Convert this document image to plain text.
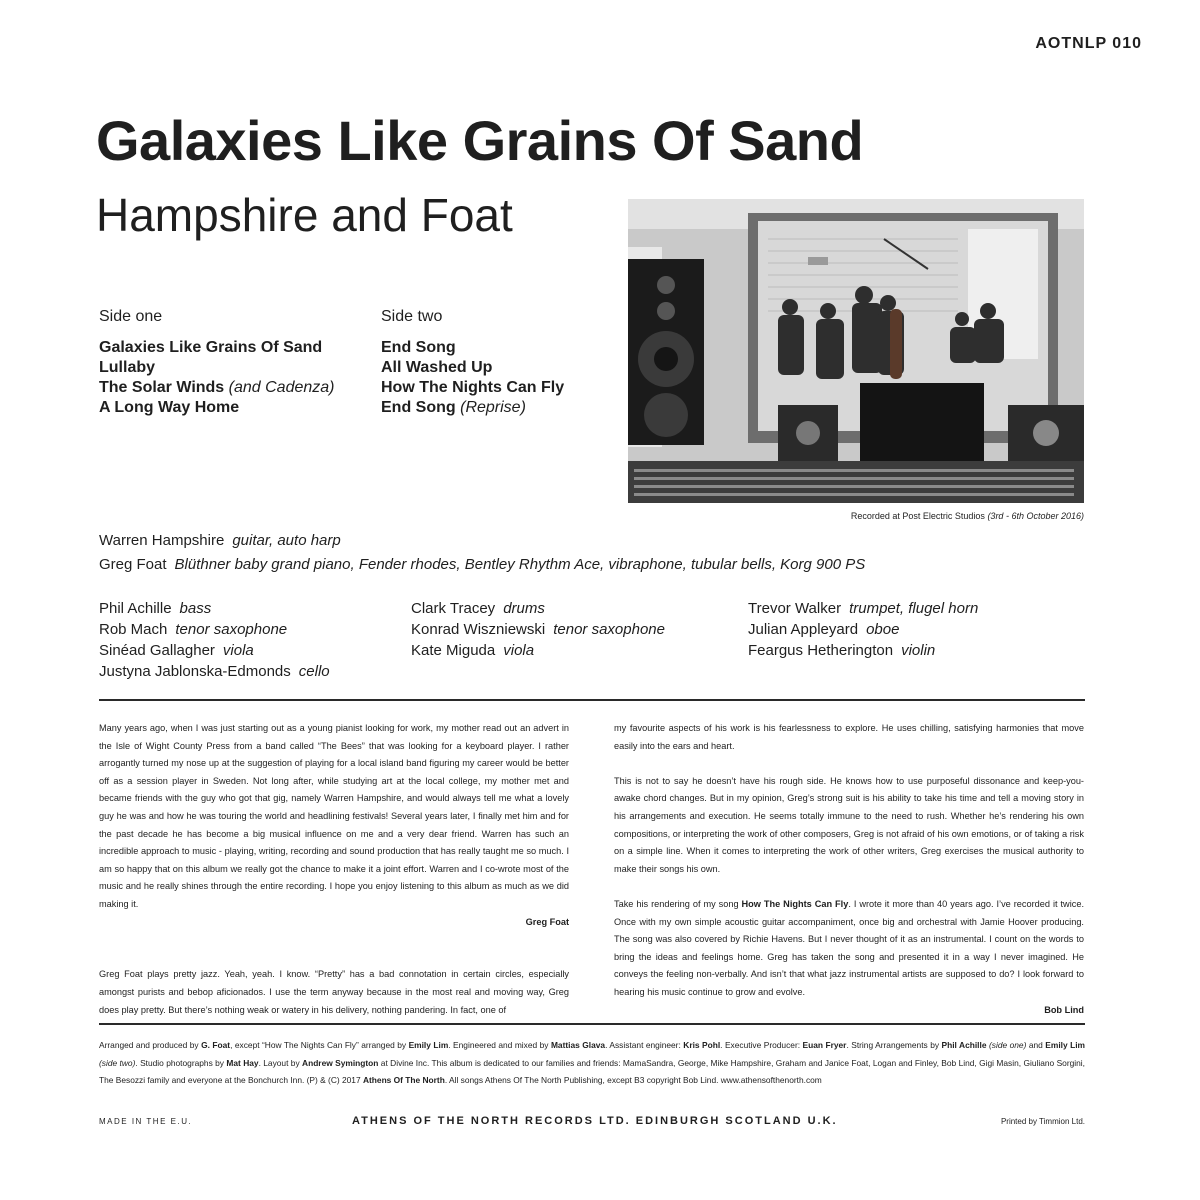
AOTNLP 010
Galaxies Like Grains Of Sand
Hampshire and Foat
Side one
Galaxies Like Grains Of Sand
Lullaby
The Solar Winds (and Cadenza)
A Long Way Home
Side two
End Song
All Washed Up
How The Nights Can Fly
End Song (Reprise)
Recorded at Post Electric Studios (3rd - 6th October 2016)
Warren Hampshire guitar, auto harp
Greg Foat Blüthner baby grand piano, Fender rhodes, Bentley Rhythm Ace, vibraphone, tubular bells, Korg 900 PS
Phil Achille bass
Rob Mach tenor saxophone
Sinéad Gallagher viola
Justyna Jablonska-Edmonds cello
Clark Tracey drums
Konrad Wiszniewski tenor saxophone
Kate Miguda viola
Trevor Walker trumpet, flugel horn
Julian Appleyard oboe
Feargus Hetherington violin

Many years ago, when I was just starting out as a young pianist looking for work, my mother read out an advert in the Isle of Wight County Press from a band called “The Bees” that was looking for a keyboard player. I rather arrogantly turned my nose up at the suggestion of playing for a local island band figuring my career would be better off as a session player in Sweden. Not long after, while studying art at the local college, my mother met and became friends with the guy who got that gig, namely Warren Hampshire, and would always tell me what a lovely guy he was and how he was touring the world and headlining festivals! Several years later, I finally met him and for the past decade he has become a big musical influence on me and a very dear friend. Warren has such an incredible approach to music - playing, writing, recording and sound production that has really taught me so much. I am so happy that on this album we really got the chance to make it a joint effort. Warren and I co-wrote most of the music and he really shines through the entire recording. I hope you enjoy listening to this album as much as we did making it.

Greg Foat

Greg Foat plays pretty jazz. Yeah, yeah. I know. “Pretty” has a bad connotation in certain circles, especially amongst purists and bebop aficionados. I use the term anyway because in the most real and moving way, Greg does play pretty. But there’s nothing weak or watery in his delivery, nothing pandering. In fact, one of

my favourite aspects of his work is his fearlessness to explore. He uses chilling, satisfying harmonies that move easily into the ears and heart.

This is not to say he doesn’t have his rough side. He knows how to use purposeful dissonance and keep-you-awake chord changes. But in my opinion, Greg’s strong suit is his ability to take his time and tell a moving story in his arrangements and execution. He seems totally immune to the need to rush. Whether he’s rendering his own compositions, or interpreting the work of other composers, Greg is not afraid of his own emotions, or of taking a risk on a simple line. When it comes to interpreting the work of other writers, Greg exercises the musical authority to make their songs his own.

Take his rendering of my song How The Nights Can Fly. I wrote it more than 40 years ago. I’ve recorded it twice. Once with my own simple acoustic guitar accompaniment, once big and orchestral with Jamie Hoover producing. The song was also covered by Richie Havens. But I never thought of it as an instrumental. I count on the words to bring the ideas and feelings home. Greg has taken the song and presented it in a way I never imagined. He conveys the feeling non-verbally. And isn’t that what jazz instrumental artists are supposed to do? I look forward to hearing his music continue to grow and evolve.

Bob Lind

Arranged and produced by G. Foat, except “How The Nights Can Fly” arranged by Emily Lim. Engineered and mixed by Mattias Glava. Assistant engineer: Kris Pohl. Executive Producer: Euan Fryer. String Arrangements by Phil Achille (side one) and Emily Lim (side two). Studio photographs by Mat Hay. Layout by Andrew Symington at Divine Inc. This album is dedicated to our families and friends: MamaSandra, George, Mike Hampshire, Graham and Janice Foat, Logan and Finley, Bob Lind, Gigi Masin, Giuliano Sorgini, The Besozzi family and everyone at the Bonchurch Inn. (P) & (C) 2017 Athens Of The North. All songs Athens Of The North Publishing, except B3 copyright Bob Lind. www.athensofthenorth.com
MADE IN THE E.U.	ATHENS OF THE NORTH RECORDS LTD. EDINBURGH SCOTLAND U.K.	Printed by Timmion Ltd.
